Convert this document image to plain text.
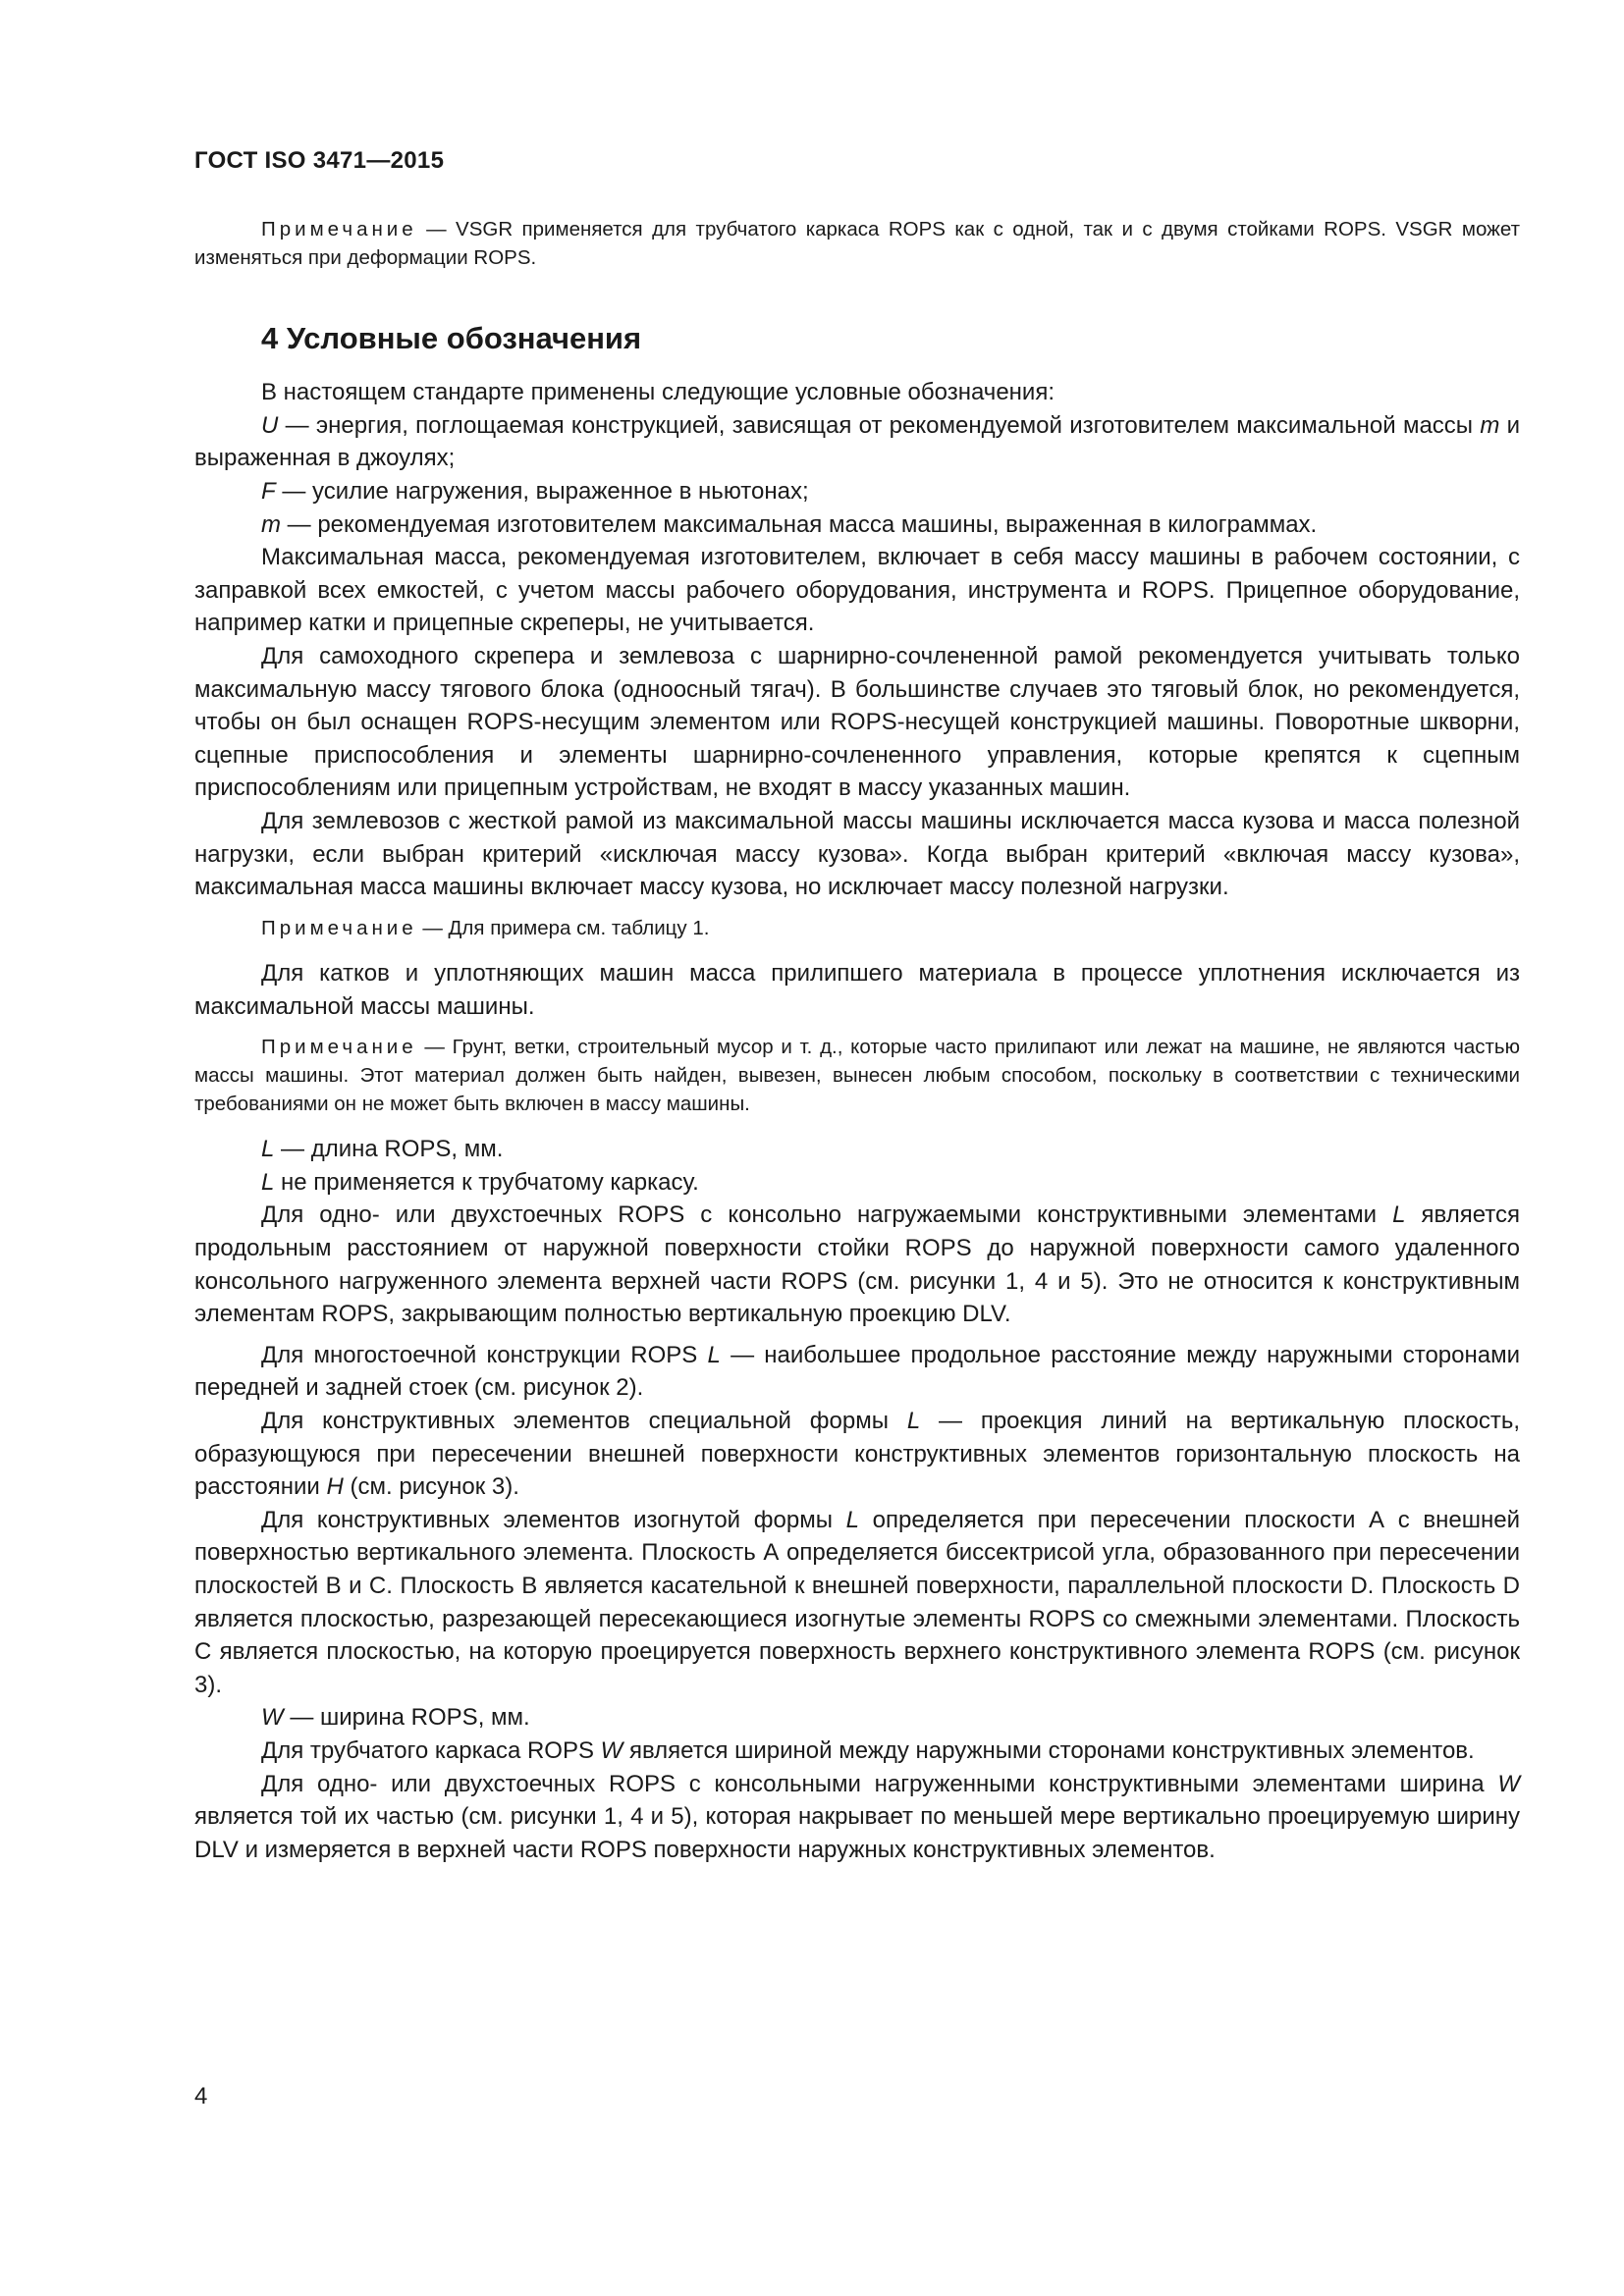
ГОСТ ISO 3471—2015

Примечание — VSGR применяется для трубчатого каркаса ROPS как с одной, так и с двумя стойками ROPS. VSGR может изменяться при деформации ROPS.

4 Условные обозначения

В настоящем стандарте применены следующие условные обозначения:

U — энергия, поглощаемая конструкцией, зависящая от рекомендуемой изготовителем максимальной массы m и выраженная в джоулях;

F — усилие нагружения, выраженное в ньютонах;

m — рекомендуемая изготовителем максимальная масса машины, выраженная в килограммах.

Максимальная масса, рекомендуемая изготовителем, включает в себя массу машины в рабочем состоянии, с заправкой всех емкостей, с учетом массы рабочего оборудования, инструмента и ROPS. Прицепное оборудование, например катки и прицепные скреперы, не учитывается.

Для самоходного скрепера и землевоза с шарнирно-сочлененной рамой рекомендуется учитывать только максимальную массу тягового блока (одноосный тягач). В большинстве случаев это тяговый блок, но рекомендуется, чтобы он был оснащен ROPS-несущим элементом или ROPS-несущей конструкцией машины. Поворотные шкворни, сцепные приспособления и элементы шарнирно-сочлененного управления, которые крепятся к сцепным приспособлениям или прицепным устройствам, не входят в массу указанных машин.

Для землевозов с жесткой рамой из максимальной массы машины исключается масса кузова и масса полезной нагрузки, если выбран критерий «исключая массу кузова». Когда выбран критерий «включая массу кузова», максимальная масса машины включает массу кузова, но исключает массу полезной нагрузки.

Примечание — Для примера см. таблицу 1.

Для катков и уплотняющих машин масса прилипшего материала в процессе уплотнения исключается из максимальной массы машины.

Примечание — Грунт, ветки, строительный мусор и т. д., которые часто прилипают или лежат на машине, не являются частью массы машины. Этот материал должен быть найден, вывезен, вынесен любым способом, поскольку в соответствии с техническими требованиями он не может быть включен в массу машины.

L — длина ROPS, мм.

L не применяется к трубчатому каркасу.

Для одно- или двухстоечных ROPS с консольно нагружаемыми конструктивными элементами L является продольным расстоянием от наружной поверхности стойки ROPS до наружной поверхности самого удаленного консольного нагруженного элемента верхней части ROPS (см. рисунки 1, 4 и 5). Это не относится к конструктивным элементам ROPS, закрывающим полностью вертикальную проекцию DLV.

Для многостоечной конструкции ROPS L — наибольшее продольное расстояние между наружными сторонами передней и задней стоек (см. рисунок 2).

Для конструктивных элементов специальной формы L — проекция линий на вертикальную плоскость, образующуюся при пересечении внешней поверхности конструктивных элементов горизонтальную плоскость на расстоянии H (см. рисунок 3).

Для конструктивных элементов изогнутой формы L определяется при пересечении плоскости А с внешней поверхностью вертикального элемента. Плоскость А определяется биссектрисой угла, образованного при пересечении плоскостей В и С. Плоскость В является касательной к внешней поверхности, параллельной плоскости D. Плоскость D является плоскостью, разрезающей пересекающиеся изогнутые элементы ROPS со смежными элементами. Плоскость С является плоскостью, на которую проецируется поверхность верхнего конструктивного элемента ROPS (см. рисунок 3).

W — ширина ROPS, мм.

Для трубчатого каркаса ROPS W является шириной между наружными сторонами конструктивных элементов.

Для одно- или двухстоечных ROPS с консольными нагруженными конструктивными элементами ширина W является той их частью (см. рисунки 1, 4 и 5), которая накрывает по меньшей мере вертикально проецируемую ширину DLV и измеряется в верхней части ROPS поверхности наружных конструктивных элементов.

4
